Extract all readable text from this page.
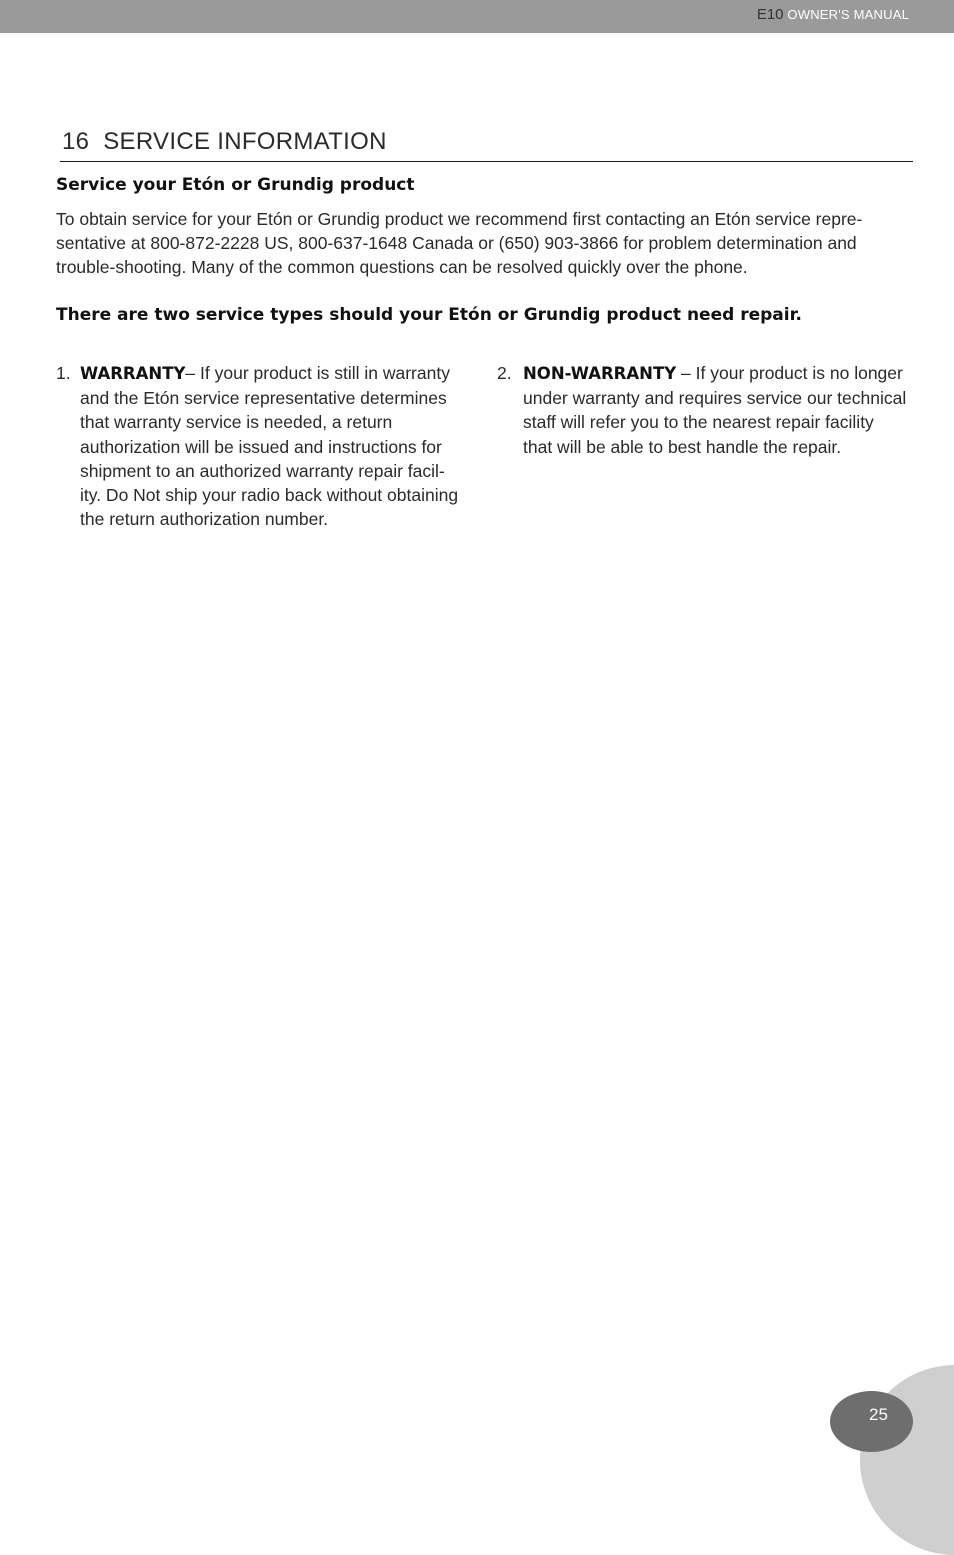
E10 OWNER'S MANUAL
16  SERVICE INFORMATION
Service your Etón or Grundig product

To obtain service for your Etón or Grundig product we recommend first contacting an Etón service repre-
sentative at 800-872-2228 US, 800-637-1648 Canada or (650) 903-3866 for problem determination and
trouble-shooting. Many of the common questions can be resolved quickly over the phone.

There are two service types should your Etón or Grundig product need repair.
1. WARRANTY– If your product is still in warranty
and the Etón service representative determines
that warranty service is needed, a return
authorization will be issued and instructions for
shipment to an authorized warranty repair facil-
ity. Do Not ship your radio back without obtaining
the return authorization number.

2. NON-WARRANTY – If your product is no longer
under warranty and requires service our technical
staff will refer you to the nearest repair facility
that will be able to best handle the repair.

25
